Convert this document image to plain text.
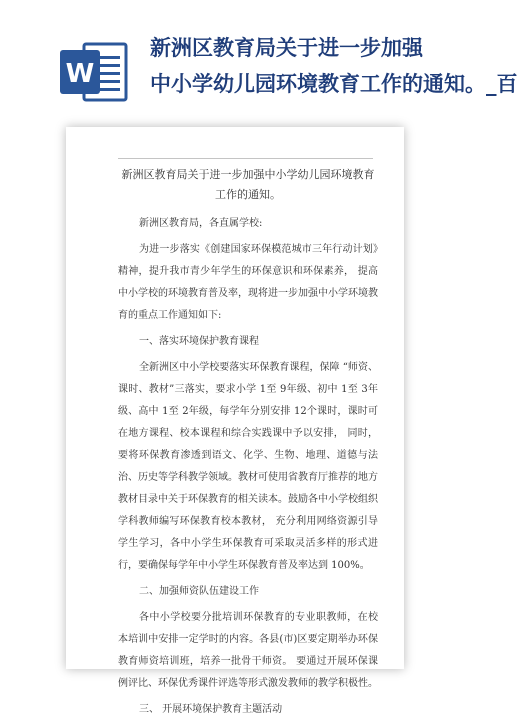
W
新洲区教育局关于进一步加强
中小学幼儿园环境教育工作的通知。_百
新洲区教育局关于进一步加强中小学幼儿园环境教育工作的通知。

新洲区教育局，各直属学校:

为进一步落实《创建国家环保模范城市三年行动计划》精神，提升我市青少年学生的环保意识和环保素养， 提高中小学校的环境教育普及率，现将进一步加强中小学环境教育的重点工作通知如下:

一、落实环境保护教育课程

全新洲区中小学校要落实环保教育课程，保障 “师资、课时、教材”三落实，要求小学 1至 9年级、初中 1至 3年级、高中 1至 2年级，每学年分别安排 12个课时，课时可在地方课程、校本课程和综合实践课中予以安排， 同时，要将环保教育渗透到语文、化学、生物、地理、道德与法治、历史等学科教学领域。教材可使用省教育厅推荐的地方教材目录中关于环保教育的相关读本。鼓励各中小学校组织学科教师编写环保教育校本教材， 充分利用网络资源引导学生学习，各中小学生环保教育可采取灵活多样的形式进行，要确保每学年中小学生环保教育普及率达到 100%。

二、加强师资队伍建设工作

各中小学校要分批培训环保教育的专业职教师，在校本培训中安排一定学时的内容。各县(市)区要定期举办环保教育师资培训班，培养一批骨干师资。 要通过开展环保课例评比、环保优秀课件评选等形式激发教师的教学积极性。

三、 开展环境保护教育主题活动
